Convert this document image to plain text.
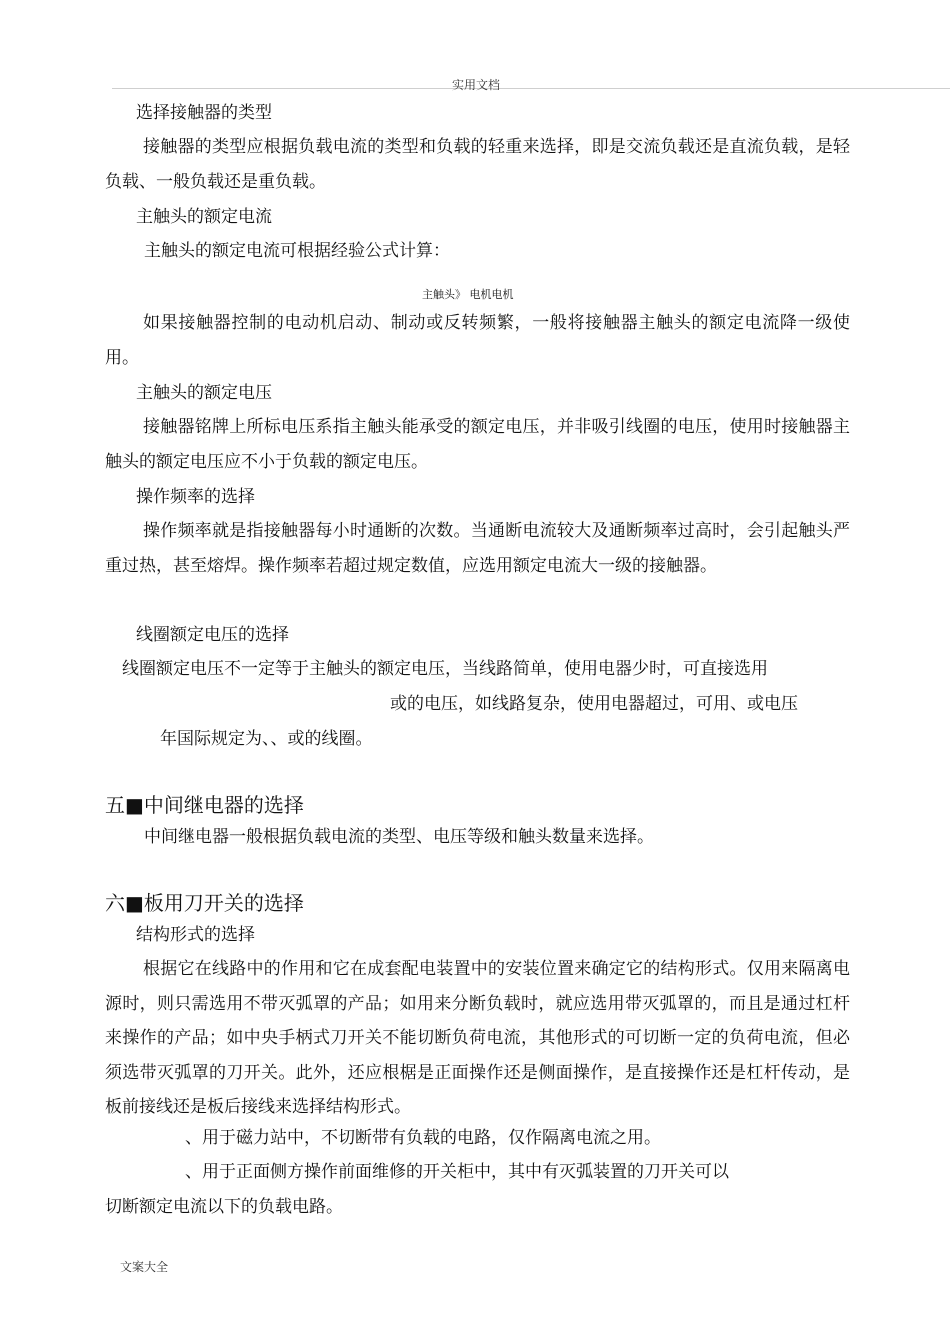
实用文档
选择接触器的类型
接触器的类型应根据负载电流的类型和负载的轻重来选择，即是交流负载还是直流负载，是轻负载、一般负载还是重负载。
主触头的额定电流
主触头的额定电流可根据经验公式计算：
主触头》 电机电机
如果接触器控制的电动机启动、制动或反转频繁，一般将接触器主触头的额定电流降一级使用。
主触头的额定电压
接触器铭牌上所标电压系指主触头能承受的额定电压，并非吸引线圈的电压，使用时接触器主触头的额定电压应不小于负载的额定电压。
操作频率的选择
操作频率就是指接触器每小时通断的次数。当通断电流较大及通断频率过高时，会引起触头严重过热，甚至熔焊。操作频率若超过规定数值，应选用额定电流大一级的接触器。
线圈额定电压的选择
线圈额定电压不一定等于主触头的额定电压，当线路简单，使用电器少时，可直接选用
或的电压，如线路复杂，使用电器超过，可用、或电压
年国际规定为、、或的线圈。
五■中间继电器的选择
中间继电器一般根据负载电流的类型、电压等级和触头数量来选择。
六■板用刀开关的选择
结构形式的选择
根据它在线路中的作用和它在成套配电装置中的安装位置来确定它的结构形式。仅用来隔离电源时，则只需选用不带灭弧罩的产品；如用来分断负载时，就应选用带灭弧罩的，而且是通过杠杆来操作的产品；如中央手柄式刀开关不能切断负荷电流，其他形式的可切断一定的负荷电流，但必须选带灭弧罩的刀开关。此外，还应根椐是正面操作还是侧面操作，是直接操作还是杠杆传动，是板前接线还是板后接线来选择结构形式。
、用于磁力站中，不切断带有负载的电路，仅作隔离电流之用。
、用于正面侧方操作前面维修的开关柜中，其中有灭弧装置的刀开关可以
切断额定电流以下的负载电路。
文案大全
